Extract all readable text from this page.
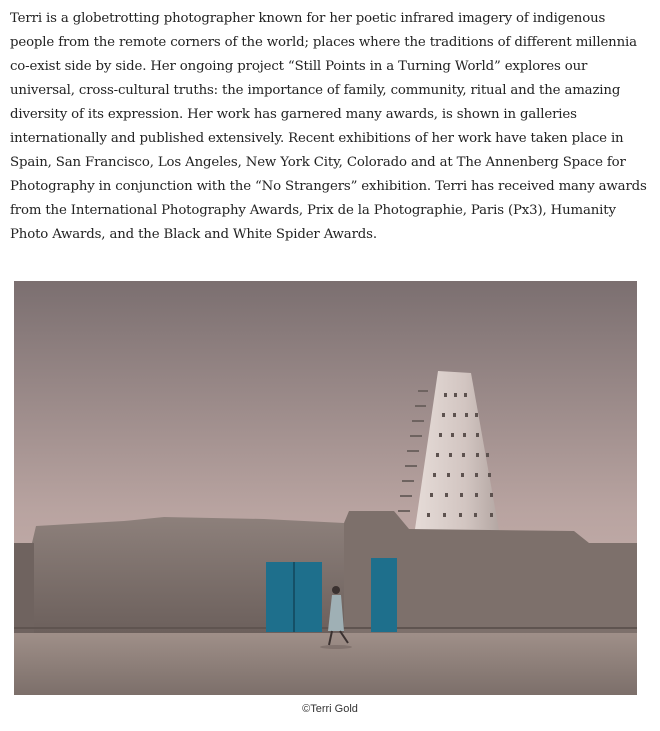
Terri is a globetrotting photographer known for her poetic infrared imagery of indigenous people from the remote corners of the world; places where the traditions of different millennia co-exist side by side. Her ongoing project “Still Points in a Turning World” explores our universal, cross-cultural truths: the importance of family, community, ritual and the amazing diversity of its expression. Her work has garnered many awards, is shown in galleries internationally and published extensively. Recent exhibitions of her work have taken place in Spain, San Francisco, Los Angeles, New York City, Colorado and at The Annenberg Space for Photography in conjunction with the “No Strangers” exhibition. Terri has received many awards from the International Photography Awards, Prix de la Photographie, Paris (Px3), Humanity Photo Awards, and the Black and White Spider Awards.

©Terri Gold
